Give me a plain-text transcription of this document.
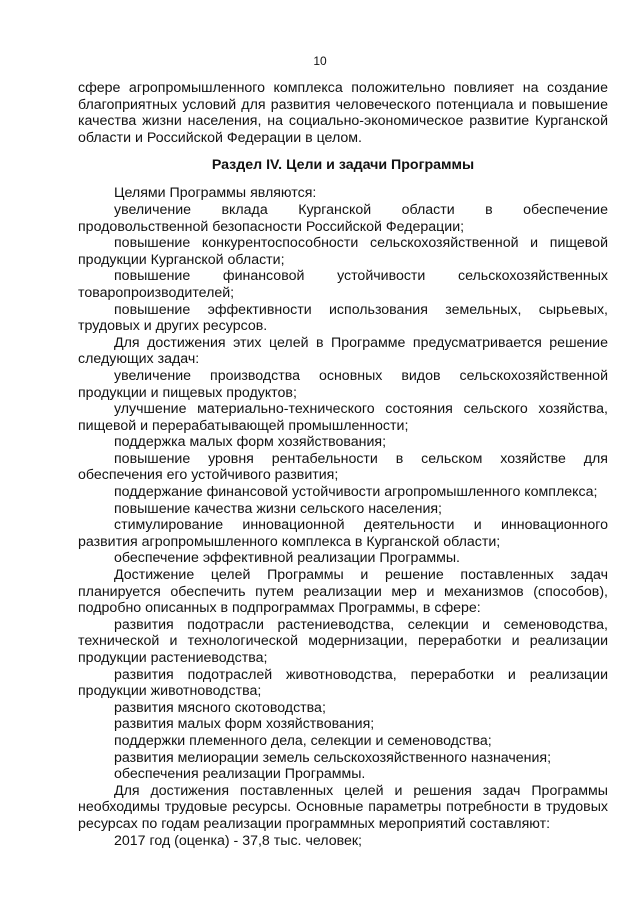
10

сфере агропромышленного комплекса положительно повлияет на создание благоприятных условий для развития человеческого потенциала и повышение качества жизни населения, на социально-экономическое развитие Курганской области и Российской Федерации в целом.

Раздел IV. Цели и задачи Программы

Целями Программы являются:

увеличение вклада Курганской области в обеспечение продовольственной безопасности Российской Федерации;

повышение конкурентоспособности сельскохозяйственной и пищевой продукции Курганской области;

повышение финансовой устойчивости сельскохозяйственных товаропроизводителей;

повышение эффективности использования земельных, сырьевых, трудовых и других ресурсов.

Для достижения этих целей в Программе предусматривается решение следующих задач:

увеличение производства основных видов сельскохозяйственной продукции и пищевых продуктов;

улучшение материально-технического состояния сельского хозяйства, пищевой и перерабатывающей промышленности;

поддержка малых форм хозяйствования;

повышение уровня рентабельности в сельском хозяйстве для обеспечения его устойчивого развития;

поддержание финансовой устойчивости агропромышленного комплекса;

повышение качества жизни сельского населения;

стимулирование инновационной деятельности и инновационного развития агропромышленного комплекса в Курганской области;

обеспечение эффективной реализации Программы.

Достижение целей Программы и решение поставленных задач планируется обеспечить путем реализации мер и механизмов (способов), подробно описанных в подпрограммах Программы, в сфере:

развития подотрасли растениеводства, селекции и семеноводства, технической и технологической модернизации, переработки и реализации продукции растениеводства;

развития подотраслей животноводства, переработки и реализации продукции животноводства;

развития мясного скотоводства;

развития малых форм хозяйствования;

поддержки племенного дела, селекции и семеноводства;

развития мелиорации земель сельскохозяйственного назначения;

обеспечения реализации Программы.

Для достижения поставленных целей и решения задач Программы необходимы трудовые ресурсы. Основные параметры потребности в трудовых ресурсах по годам реализации программных мероприятий составляют:

2017 год (оценка) - 37,8 тыс. человек;
